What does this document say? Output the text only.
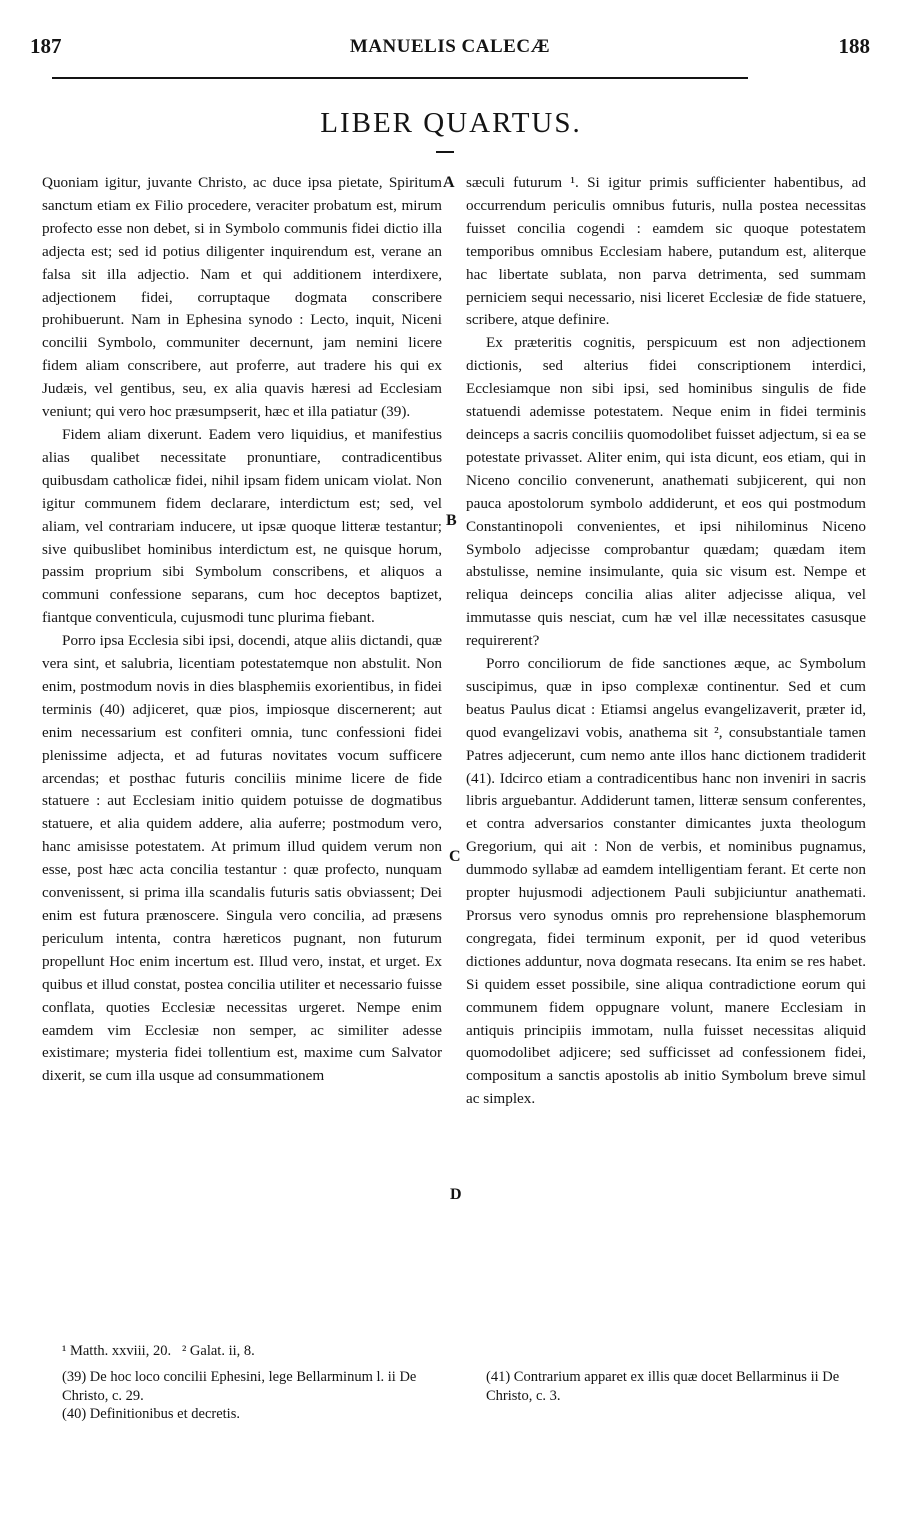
187	MANUELIS CALECÆ	188
LIBER QUARTUS.

Quoniam igitur, juvante Christo, ac duce ipsa pietate, Spiritum sanctum etiam ex Filio procedere, veraciter probatum est, mirum profecto esse non debet, si in Symbolo communis fidei dictio illa adjecta est; sed id potius diligenter inquirendum est, verane an falsa sit illa adjectio. Nam et qui additionem interdixere, adjectionem fidei, corruptaque dogmata conscribere prohibuerunt. Nam in Ephesina synodo : Lecto, inquit, Niceni concilii Symbolo, communiter decernunt, jam nemini licere fidem aliam conscribere, aut proferre, aut tradere his qui ex Judæis, vel gentibus, seu, ex alia quavis hæresi ad Ecclesiam veniunt; qui vero hoc præsumpserit, hæc et illa patiatur (39).

Fidem aliam dixerunt. Eadem vero liquidius, et manifestius alias qualibet necessitate pronuntiare, contradicentibus quibusdam catholicæ fidei, nihil ipsam fidem unicam violat. Non igitur communem fidem declarare, interdictum est; sed, vel aliam, vel contrariam inducere, ut ipsæ quoque litteræ testantur; sive quibuslibet hominibus interdictum est, ne quisque horum, passim proprium sibi Symbolum conscribens, et aliquos a communi confessione separans, cum hoc deceptos baptizet, fiantque conventicula, cujusmodi tunc plurima fiebant.

Porro ipsa Ecclesia sibi ipsi, docendi, atque aliis dictandi, quæ vera sint, et salubria, licentiam potestatemque non abstulit. Non enim, postmodum novis in dies blasphemiis exorientibus, in fidei terminis (40) adjiceret, quæ pios, impiosque discernerent; aut enim necessarium est confiteri omnia, tunc confessioni fidei plenissime adjecta, et ad futuras novitates vocum sufficere arcendas; et posthac futuris conciliis minime licere de fide statuere : aut Ecclesiam initio quidem potuisse de dogmatibus statuere, et alia quidem addere, alia auferre; postmodum vero, hanc amisisse potestatem. At primum illud quidem verum non esse, post hæc acta concilia testantur : quæ profecto, nunquam convenissent, si prima illa scandalis futuris satis obviassent; Dei enim est futura prænoscere. Singula vero concilia, ad præsens periculum intenta, contra hæreticos pugnant, non futurum propellunt Hoc enim incertum est. Illud vero, instat, et urget. Ex quibus et illud constat, postea concilia utiliter et necessario fuisse conflata, quoties Ecclesiæ necessitas urgeret. Nempe enim eamdem vim Ecclesiæ non semper, ac similiter adesse existimare; mysteria fidei tollentium est, maxime cum Salvator dixerit, se cum illa usque ad consummationem

sæculi futurum ¹. Si igitur primis sufficienter habentibus, ad occurrendum periculis omnibus futuris, nulla postea necessitas fuisset concilia cogendi : eamdem sic quoque potestatem temporibus omnibus Ecclesiam habere, putandum est, aliterque hac libertate sublata, non parva detrimenta, sed summam perniciem sequi necessario, nisi liceret Ecclesiæ de fide statuere, scribere, atque definire.

Ex præteritis cognitis, perspicuum est non adjectionem dictionis, sed alterius fidei conscriptionem interdici, Ecclesiamque non sibi ipsi, sed hominibus singulis de fide statuendi ademisse potestatem. Neque enim in fidei terminis deinceps a sacris conciliis quomodolibet fuisset adjectum, si ea se potestate privasset. Aliter enim, qui ista dicunt, eos etiam, qui in Niceno concilio convenerunt, anathemati subjicerent, qui non pauca apostolorum symbolo addiderunt, et eos qui postmodum Constantinopoli convenientes, et ipsi nihilominus Niceno Symbolo adjecisse comprobantur quædam; quædam item abstulisse, nemine insimulante, quia sic visum est. Nempe et reliqua deinceps concilia alias aliter adjecisse aliqua, vel immutasse quis nesciat, cum hæ vel illæ necessitates casusque requirerent?

Porro conciliorum de fide sanctiones æque, ac Symbolum suscipimus, quæ in ipso complexæ continentur. Sed et cum beatus Paulus dicat : Etiamsi angelus evangelizaverit, præter id, quod evangelizavi vobis, anathema sit ², consubstantiale tamen Patres adjecerunt, cum nemo ante illos hanc dictionem tradiderit (41). Idcirco etiam a contradicentibus hanc non inveniri in sacris libris arguebantur. Addiderunt tamen, litteræ sensum conferentes, et contra adversarios constanter dimicantes juxta theologum Gregorium, qui ait : Non de verbis, et nominibus pugnamus, dummodo syllabæ ad eamdem intelligentiam ferant. Et certe non propter hujusmodi adjectionem Pauli subjiciuntur anathemati. Prorsus vero synodus omnis pro reprehensione blasphemorum congregata, fidei terminum exponit, per id quod veteribus dictiones adduntur, nova dogmata resecans. Ita enim se res habet. Si quidem esset possibile, sine aliqua contradictione eorum qui communem fidem oppugnare volunt, manere Ecclesiam in antiquis principiis immotam, nulla fuisset necessitas aliquid quomodolibet adjicere; sed sufficisset ad confessionem fidei, compositum a sanctis apostolis ab initio Symbolum breve simul ac simplex.

A
B
C
D
¹ Matth. xxviii, 20.   ² Galat. ii, 8.

(39) De hoc loco concilii Ephesini, lege Bellarminum l. ii De Christo, c. 29.

(40) Definitionibus et decretis.

(41) Contrarium apparet ex illis quæ docet Bellarminus ii De Christo, c. 3.
